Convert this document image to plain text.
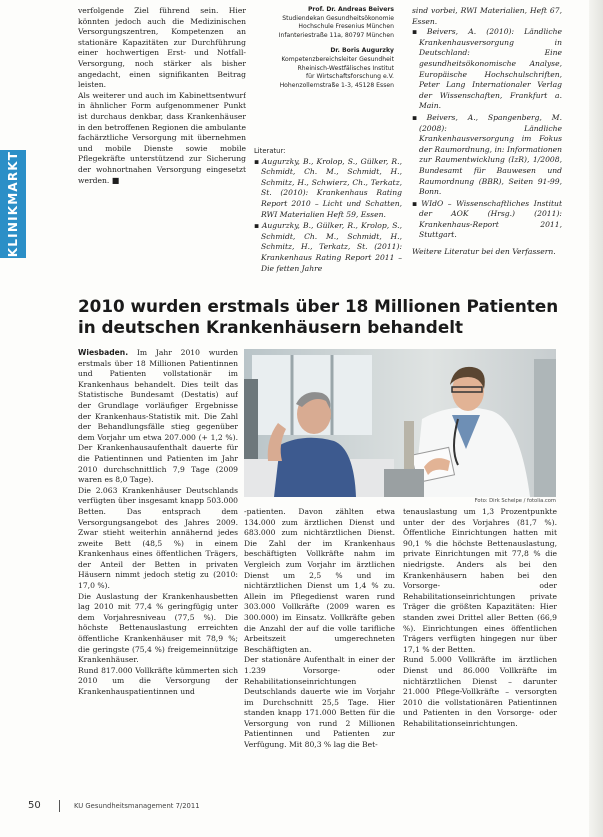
KLINIKMARKT

verfolgende Ziel führend sein. Hier könnten jedoch auch die Medizinischen Versorgungszentren, Kompetenzen an stationäre Kapazitäten zur Durchführung einer hochwertigen Erst- und Notfall-Versorgung, noch stärker als bisher angedacht, einen signifikanten Beitrag leisten.

Als weiterer und auch im Kabinettsentwurf in ähnlicher Form aufgenommener Punkt ist durchaus denkbar, dass Krankenhäuser in den betroffenen Regionen die ambulante fachärztliche Versorgung mit übernehmen und mobile Dienste sowie mobile Pflegekräfte unterstützend zur Sicherung der wohnortnahen Versorgung eingesetzt werden. ■

Prof. Dr. Andreas Beivers
Studiendekan Gesundheitsökonomie
Hochschule Fresenius München
Infanteriestraße 11a, 80797 München
Dr. Boris Augurzky
Kompetenzbereichsleiter Gesundheit
Rheinisch-Westfälisches Institut
für Wirtschaftsforschung e.V.
Hohenzollernstraße 1-3, 45128 Essen

Literatur:

▪ Augurzky, B., Krolop, S., Gülker, R., Schmidt, Ch. M., Schmidt, H., Schmitz, H., Schwierz, Ch., Terkatz, St. (2010): Krankenhaus Rating Report 2010 – Licht und Schatten, RWI Materialien Heft 59, Essen.
▪ Augurzky, B., Gülker, R., Krolop, S., Schmidt, Ch. M., Schmidt, H., Schmitz, H., Terkatz, St. (2011): Krankenhaus Rating Report 2011 – Die fetten Jahre

sind vorbei, RWI Materialien, Heft 67, Essen.

▪ Beivers, A. (2010): Ländliche Krankenhausversorgung in Deutschland: Eine gesundheitsökonomische Analyse, Europäische Hochschulschriften, Peter Lang Internationaler Verlag der Wissenschaften, Frankfurt a. Main.
▪ Beivers, A., Spangenberg, M. (2008): Ländliche Krankenhausversorgung im Fokus der Raumordnung, in: Informationen zur Raumentwicklung (IzR), 1/2008, Bundesamt für Bauwesen und Raumordnung (BBR), Seiten 91-99, Bonn.
▪ WIdO – Wissenschaftliches Institut der AOK (Hrsg.) (2011): Krankenhaus-Report 2011, Stuttgart.

Weitere Literatur bei den Verfassern.

2010 wurden erstmals über 18 Millionen Patienten
in deutschen Krankenhäusern behandelt

Wiesbaden. Im Jahr 2010 wurden erstmals über 18 Millionen Patientinnen und Patienten vollstationär im Krankenhaus behandelt. Dies teilt das Statistische Bundesamt (Destatis) auf der Grundlage vorläufiger Ergebnisse der Krankenhaus-Statistik mit. Die Zahl der Behandlungsfälle stieg gegenüber dem Vorjahr um etwa 207.000 (+ 1,2 %). Der Krankenhausaufenthalt dauerte für die Patientinnen und Patienten im Jahr 2010 durchschnittlich 7,9 Tage (2009 waren es 8,0 Tage).

Die 2.063 Krankenhäuser Deutschlands verfügten über insgesamt knapp 503.000 Betten. Das entsprach dem Versorgungsangebot des Jahres 2009. Zwar stieht weiterhin annähernd jedes zweite Bett (48,5 %) in einem Krankenhaus eines öffentlichen Trägers, der Anteil der Betten in privaten Häusern nimmt jedoch stetig zu (2010: 17,0 %).

Die Auslastung der Krankenhausbetten lag 2010 mit 77,4 % geringfügig unter dem Vorjahresniveau (77,5 %). Die höchste Bettenauslastung erreichten öffentliche Krankenhäuser mit 78,9 %; die geringste (75,4 %) freigemeinnützige Krankenhäuser.

Rund 817.000 Vollkräfte kümmerten sich 2010 um die Versorgung der Krankenhauspatientinnen und

Foto: Dirk Schelpe / fotolia.com

-patienten. Davon zählten etwa 134.000 zum ärztlichen Dienst und 683.000 zum nichtärztlichen Dienst. Die Zahl der im Krankenhaus beschäftigten Vollkräfte nahm im Vergleich zum Vorjahr im ärztlichen Dienst um 2,5 % und im nichtärztlichen Dienst um 1,4 % zu. Allein im Pflegedienst waren rund 303.000 Vollkräfte (2009 waren es 300.000) im Einsatz. Vollkräfte geben die Anzahl der auf die volle tarifliche Arbeitszeit umgerechneten Beschäftigten an.

Der stationäre Aufenthalt in einer der 1.239 Vorsorge- oder Rehabilitationseinrichtungen Deutschlands dauerte wie im Vorjahr im Durchschnitt 25,5 Tage. Hier standen knapp 171.000 Betten für die Versorgung von rund 2 Millionen Patientinnen und Patienten zur Verfügung. Mit 80,3 % lag die Bet-

tenauslastung um 1,3 Prozentpunkte unter der des Vorjahres (81,7 %). Öffentliche Einrichtungen hatten mit 90,1 % die höchste Bettenauslastung, private Einrichtungen mit 77,8 % die niedrigste. Anders als bei den Krankenhäusern haben bei den Vorsorge- oder Rehabilitationseinrichtungen private Träger die größten Kapazitäten: Hier standen zwei Drittel aller Betten (66,9 %). Einrichtungen eines öffentlichen Trägers verfügten hingegen nur über 17,1 % der Betten.

Rund 5.000 Vollkräfte im ärztlichen Dienst und 86.000 Vollkräfte im nichtärztlichen Dienst – darunter 21.000 Pflege-Vollkräfte – versorgten 2010 die vollstationären Patientinnen und Patienten in den Vorsorge- oder Rehabilitationseinrichtungen.

50	KU Gesundheitsmanagement 7/2011
